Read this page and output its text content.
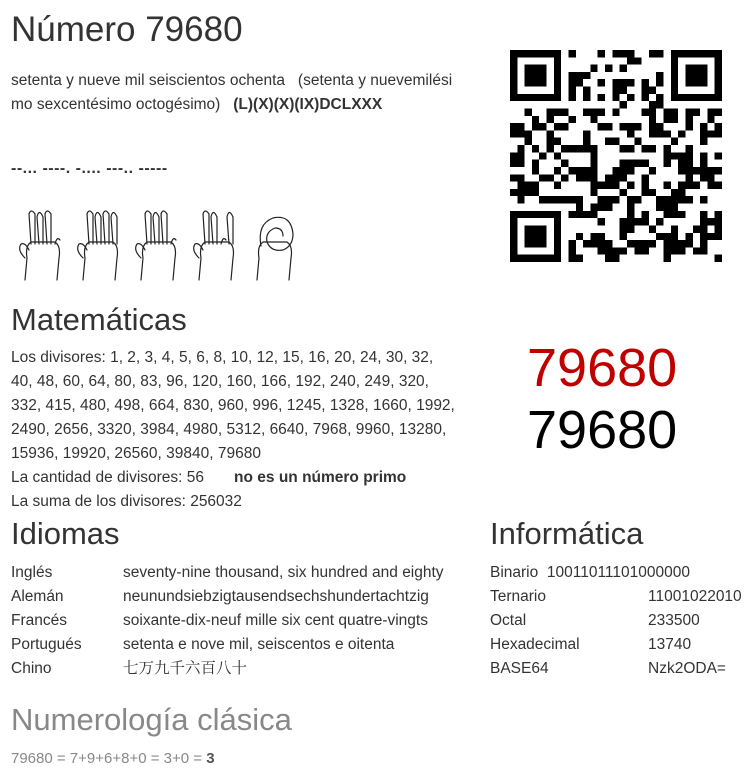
Número 79680
setenta y nueve mil seiscientos ochenta (setenta y nuevemilési
mo sexcentésimo octogésimo) (L)(X)(X)(IX)DCLXXX
--... ----. -.... ---.. -----
Matemáticas
Los divisores: 1, 2, 3, 4, 5, 6, 8, 10, 12, 15, 16, 20, 24, 30, 32,
40, 48, 60, 64, 80, 83, 96, 120, 160, 166, 192, 240, 249, 320,
332, 415, 480, 498, 664, 830, 960, 996, 1245, 1328, 1660, 1992,
2490, 2656, 3320, 3984, 4980, 5312, 6640, 7968, 9960, 13280,
15936, 19920, 26560, 39840, 79680
La cantidad de divisores: 56 no es un número primo
La suma de los divisores: 256032
79680
79680
Idiomas
Inglés	seventy-nine thousand, six hundred and eighty
Alemán	neunundsiebzigtausendsechshundertachtzig
Francés	soixante-dix-neuf mille six cent quatre-vingts
Portugués	setenta e nove mil, seiscentos e oitenta
Chino	七万九千六百八十
Informática
Binario 10011011101000000
Ternario	11001022010
Octal	233500
Hexadecimal	13740
BASE64	Nzk2ODA=
Numerología clásica
79680 = 7+9+6+8+0 = 3+0 = 3
